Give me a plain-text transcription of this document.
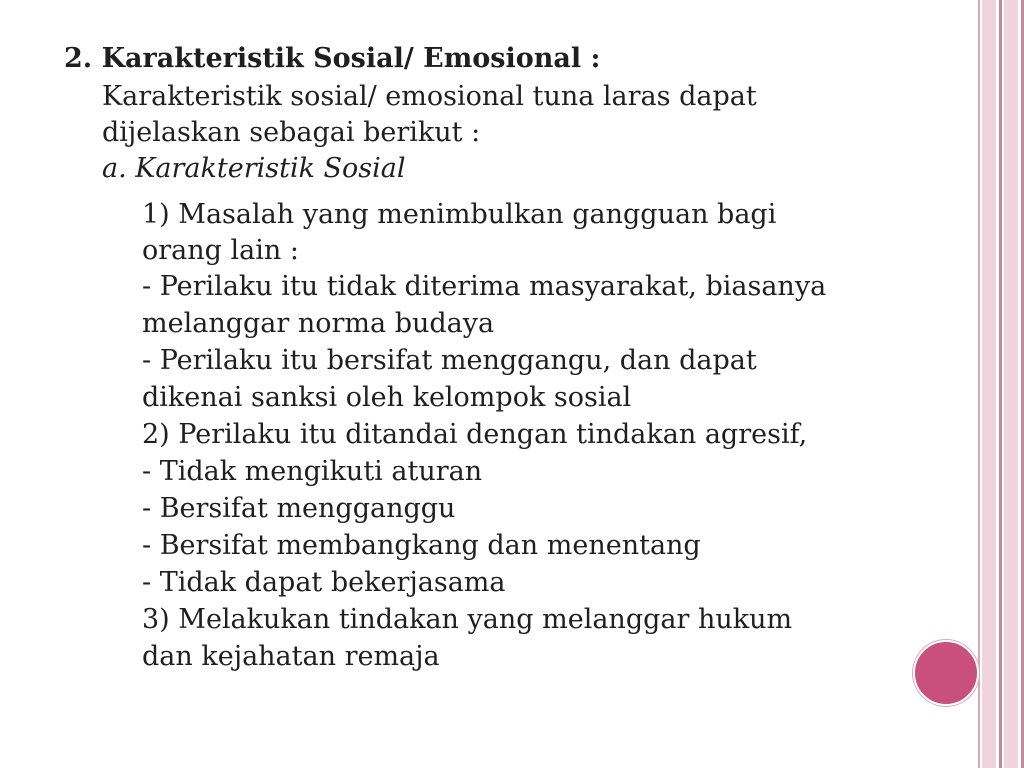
2. Karakteristik Sosial/ Emosional :
Karakteristik sosial/ emosional tuna laras dapat
dijelaskan sebagai berikut :
a. Karakteristik Sosial
1) Masalah yang menimbulkan gangguan bagi
orang lain :
- Perilaku itu tidak diterima masyarakat, biasanya
melanggar norma budaya
- Perilaku itu bersifat menggangu, dan dapat
dikenai sanksi oleh kelompok sosial
2) Perilaku itu ditandai dengan tindakan agresif,
- Tidak mengikuti aturan
- Bersifat mengganggu
- Bersifat membangkang dan menentang
- Tidak dapat bekerjasama
3) Melakukan tindakan yang melanggar hukum
dan kejahatan remaja
